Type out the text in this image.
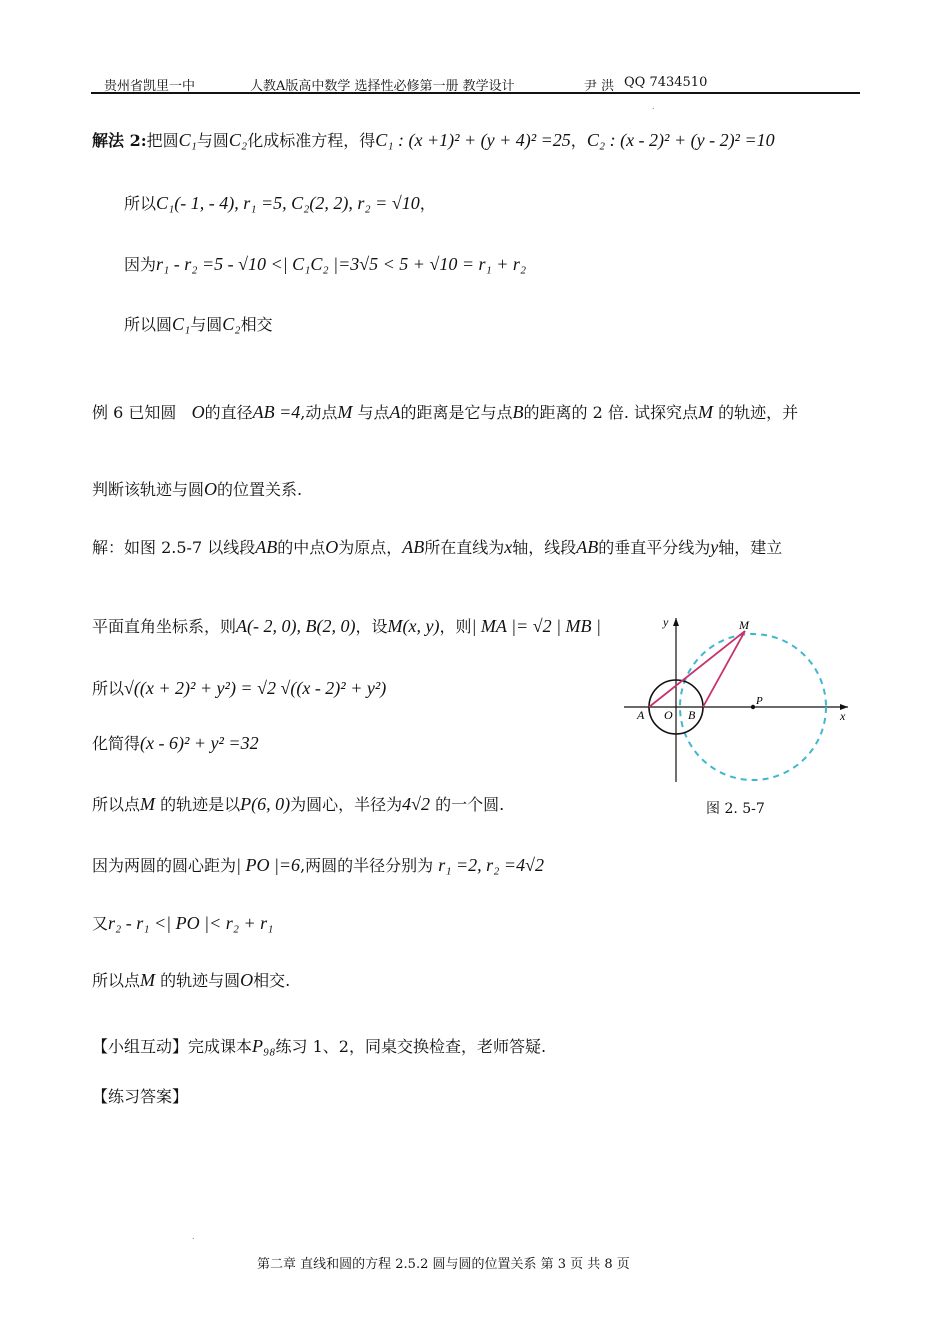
贵州省凯里一中	人教A版高中数学 选择性必修第一册 教学设计	尹 洪 QQ 7434510
解法 2:把圆C₁与圆C₂化成标准方程，得C₁ : (x +1)² + (y + 4)² =25，C₂ : (x - 2)² + (y - 2)² =10
所以C₁(- 1, - 4), r₁ =5, C₂(2, 2), r₂ = √10，
因为r₁ - r₂ =5 - √10 <| C₁C₂ |=3√5 < 5 + √10 = r₁ + r₂
所以圆C₁与圆C₂相交
例 6 已知圆 O的直径AB =4,动点M 与点A的距离是它与点B的距离的 2 倍. 试探究点M 的轨迹，并
判断该轨迹与圆O的位置关系.
解：如图 2.5-7 以线段AB的中点O为原点，AB所在直线为x轴，线段AB的垂直平分线为y轴，建立
平面直角坐标系，则A(- 2, 0), B(2, 0)，设M(x, y)，则| MA |= √2 | MB |
所以√((x + 2)² + y²) = √2 √((x - 2)² + y²)
化简得(x - 6)² + y² =32
所以点M 的轨迹是以P(6, 0)为圆心，半径为4√2 的一个圆.
因为两圆的圆心距为| PO |=6,两圆的半径分别为 r₁ =2, r₂ =4√2
又r₂ - r₁ <| PO |< r₂ + r₁
所以点M 的轨迹与圆O相交.
【小组互动】完成课本P₉₈练习 1、2，同桌交换检查，老师答疑.
【练习答案】
y	M
P
A O B	x
图 2. 5-7
.
.
第二章 直线和圆的方程 2.5.2 圆与圆的位置关系 第 3 页 共 8 页
